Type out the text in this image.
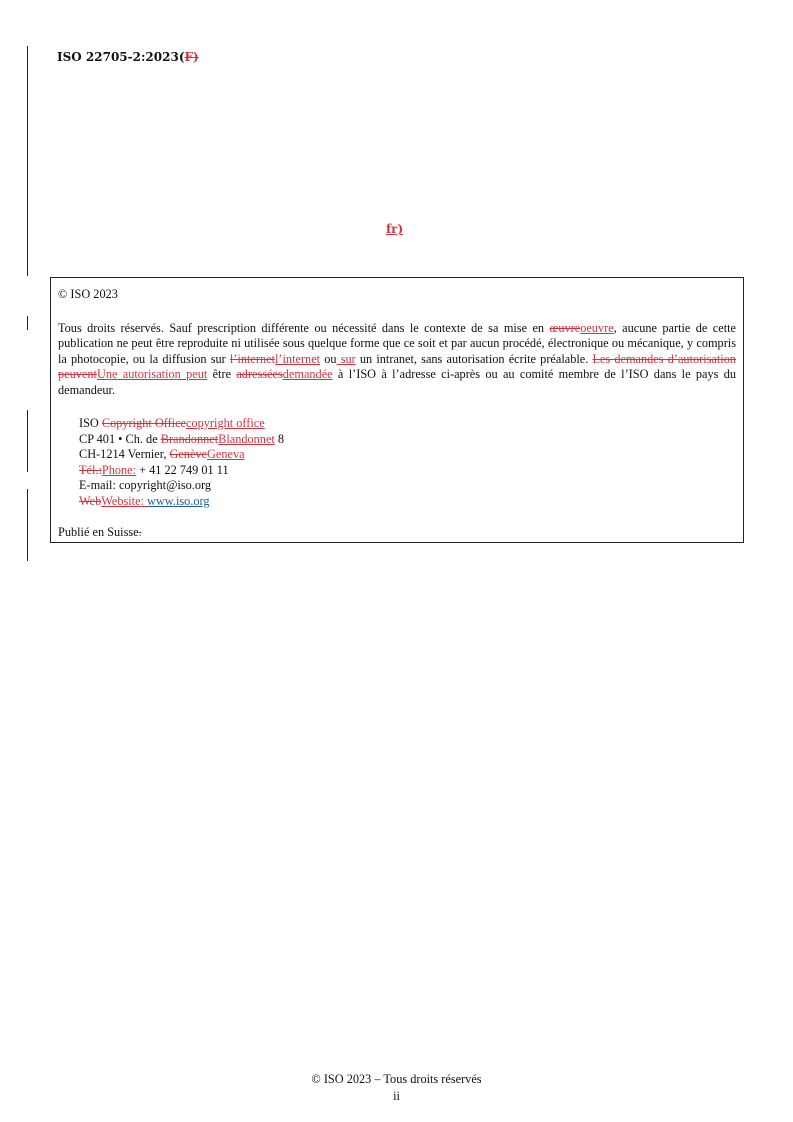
ISO 22705-2:2023(F)
fr)

© ISO 2023

Tous droits réservés. Sauf prescription différente ou nécessité dans le contexte de sa mise en œuvreoeuvre, aucune partie de cette publication ne peut être reproduite ni utilisée sous quelque forme que ce soit et par aucun procédé, électronique ou mécanique, y compris la photocopie, ou la diffusion sur l’internetl’internet ou sur un intranet, sans autorisation écrite préalable. Les demandes d’autorisation peuventUne autorisation peut être adresséesdemandée à l’ISO à l’adresse ci-après ou au comité membre de l’ISO dans le pays du demandeur.

ISO Copyright Officecopyright office
CP 401 • Ch. de BrandonnetBlandonnet 8
CH-1214 Vernier, GenèveGeneva
Tél.:Phone: + 41 22 749 01 11
E-mail: copyright@iso.org
WebWebsite: www.iso.org
Publié en Suisse.
© ISO 2023 – Tous droits réservés
ii
